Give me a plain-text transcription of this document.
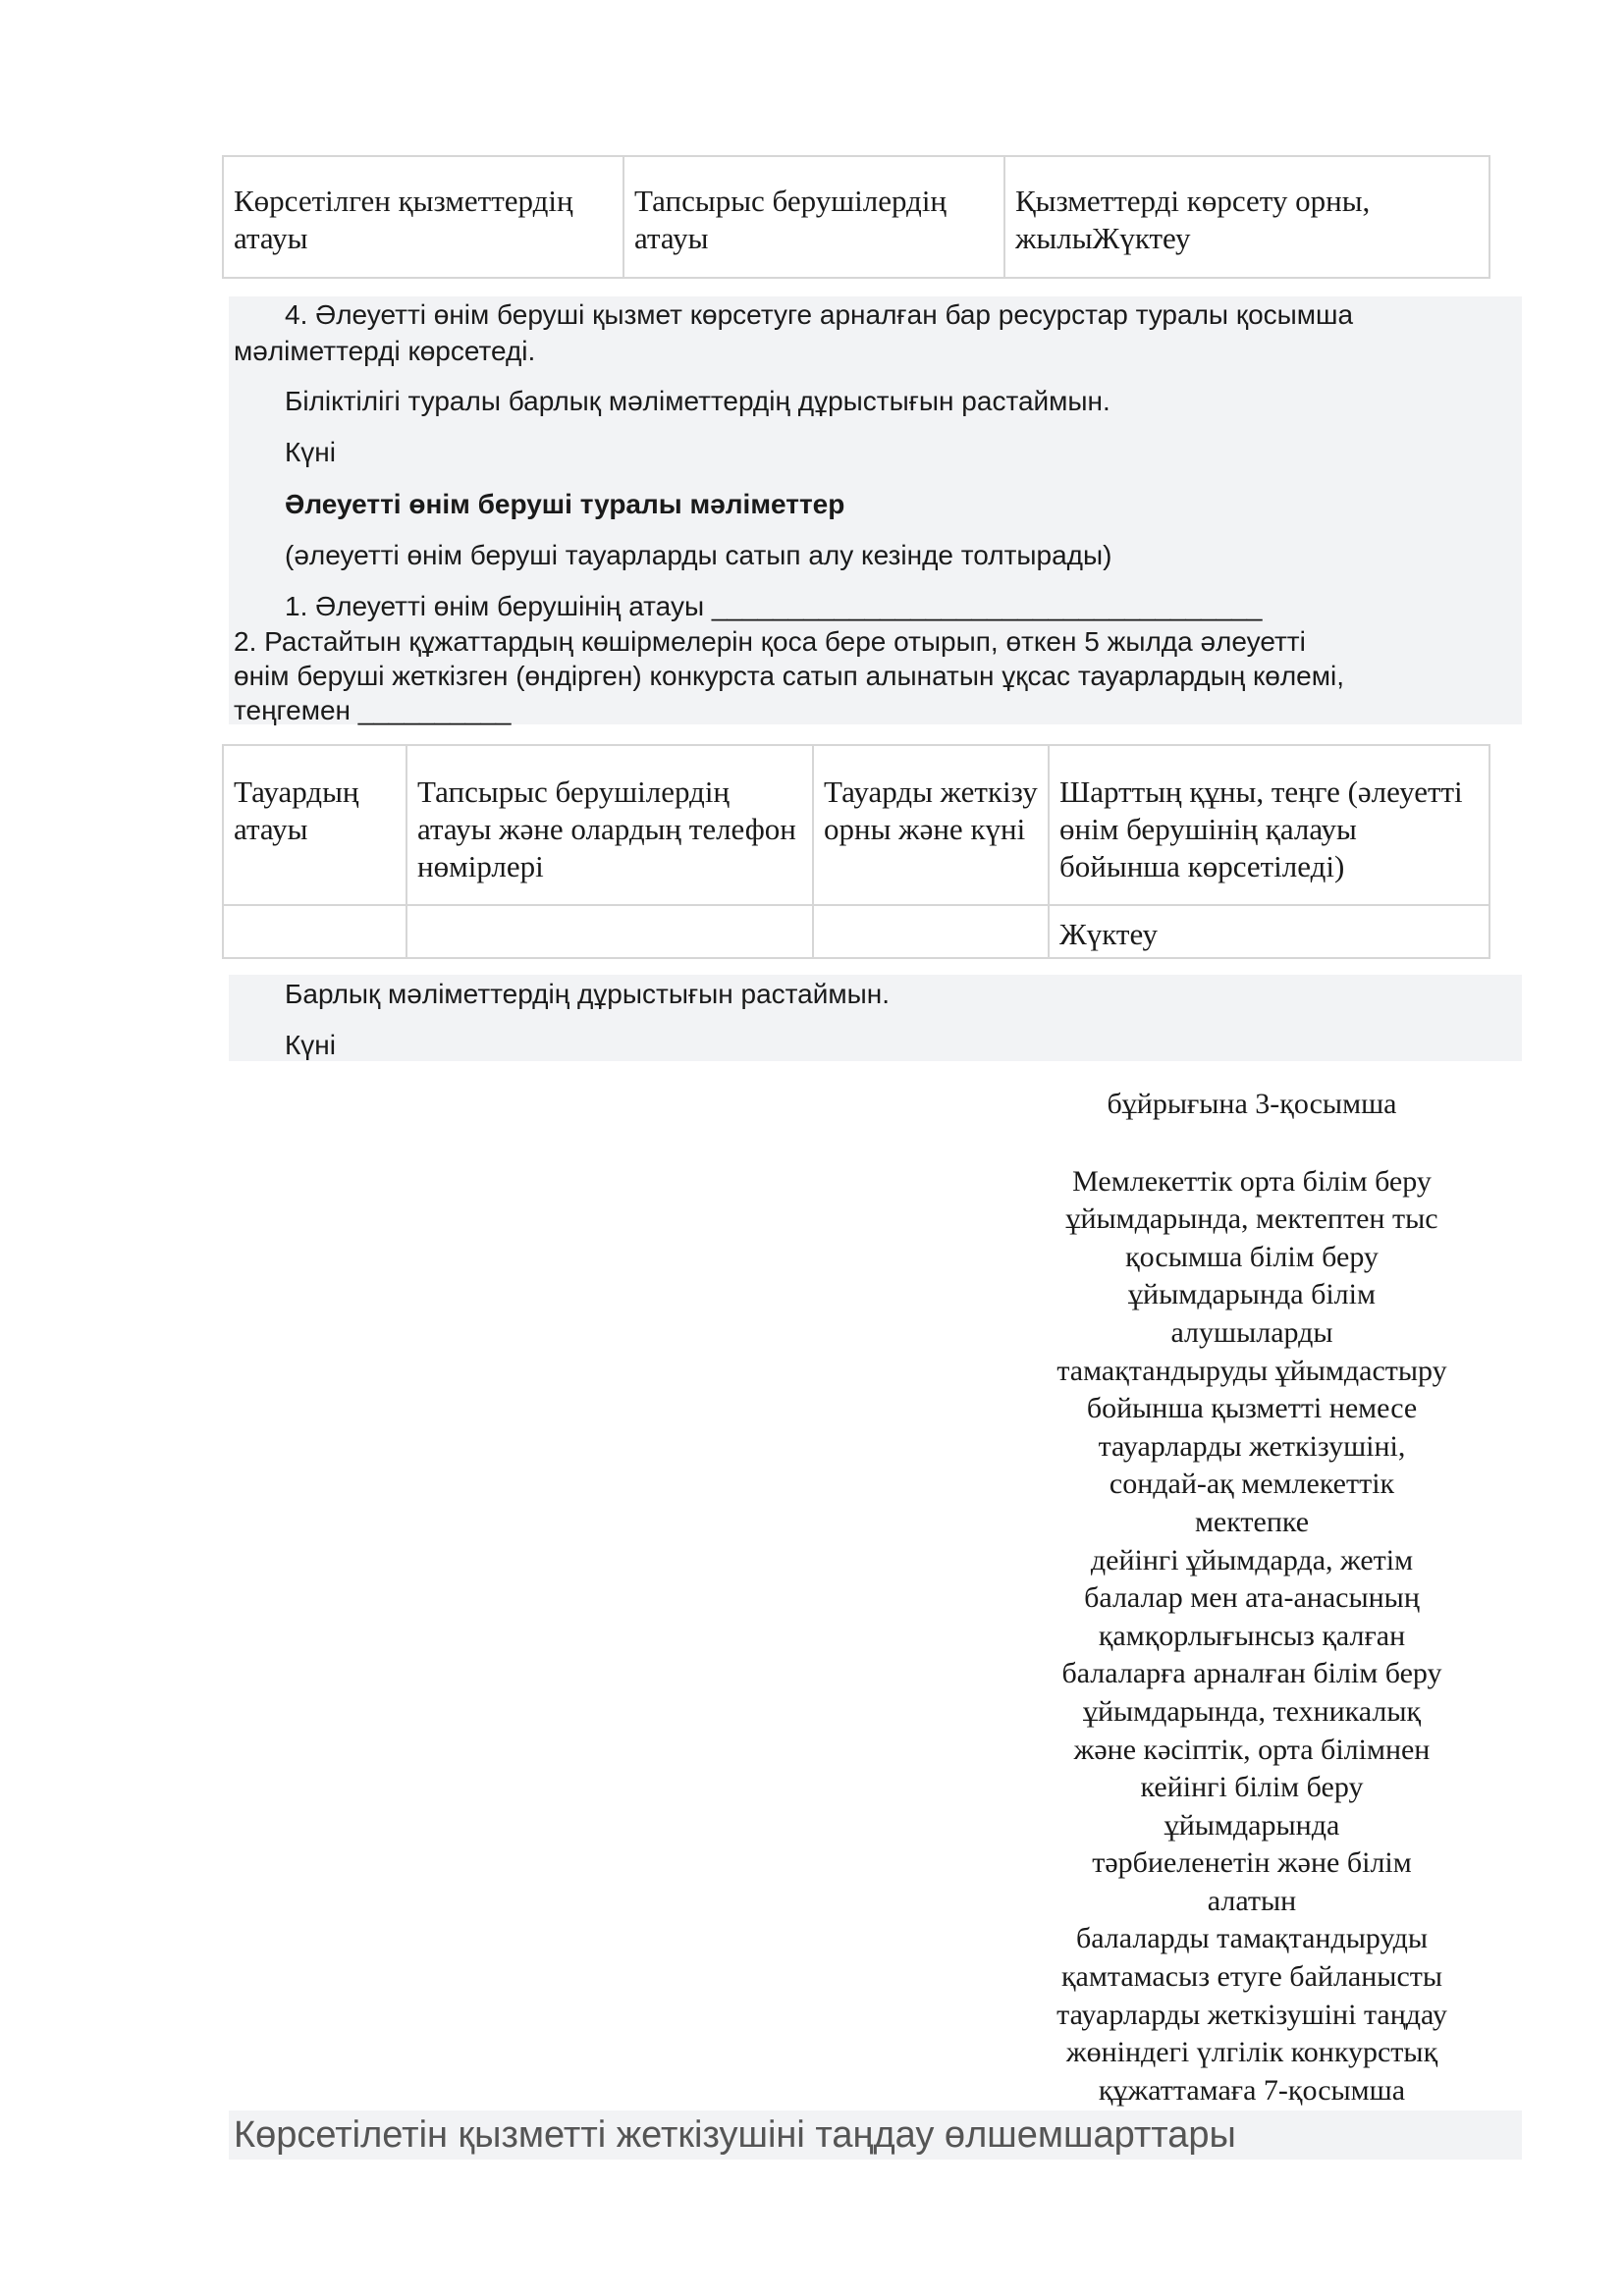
Көрсетілген қызметтердің атауы	Тапсырыс берушілердің атауы	Қызметтерді көрсету орны, жылыЖүктеу
4. Әлеуетті өнім беруші қызмет көрсетуге арналған бар ресурстар туралы қосымша
мәліметтерді көрсетеді.
Біліктілігі туралы барлық мәліметтердің дұрыстығын растаймын.
Күні
Әлеуетті өнім беруші туралы мәліметтер
(әлеуетті өнім беруші тауарларды сатып алу кезінде толтырады)
1. Әлеуетті өнім берушінің атауы ____________________________________
2. Растайтын құжаттардың көшірмелерін қоса бере отырып, өткен 5 жылда әлеуетті
өнім беруші жеткізген (өндірген) конкурста сатып алынатын ұқсас тауарлардың көлемі,
теңгемен __________
Тауардың атауы	Тапсырыс берушілердің атауы және олардың телефон нөмірлері	Тауарды жеткізу орны және күні	Шарттың құны, теңге (әлеуетті өнім берушінің қалауы бойынша көрсетіледі)
			Жүктеу
Барлық мәліметтердің дұрыстығын растаймын.
Күні

бұйрығына 3-қосымша

Мемлекеттік орта білім беру

ұйымдарында, мектептен тыс

қосымша білім беру

ұйымдарында білім

алушыларды

тамақтандыруды ұйымдастыру

бойынша қызметті немесе

тауарларды жеткізушіні,

сондай-ақ мемлекеттік

мектепке

дейінгі ұйымдарда, жетім

балалар мен ата-анасының

қамқорлығынсыз қалған

балаларға арналған білім беру

ұйымдарында, техникалық

және кәсіптік, орта білімнен

кейінгі білім беру

ұйымдарында

тәрбиеленетін және білім

алатын

балаларды тамақтандыруды

қамтамасыз етуге байланысты

тауарларды жеткізушіні таңдау

жөніндегі үлгілік конкурстық

құжаттамаға 7-қосымша

Көрсетілетін қызметті жеткізушіні таңдау өлшемшарттары
